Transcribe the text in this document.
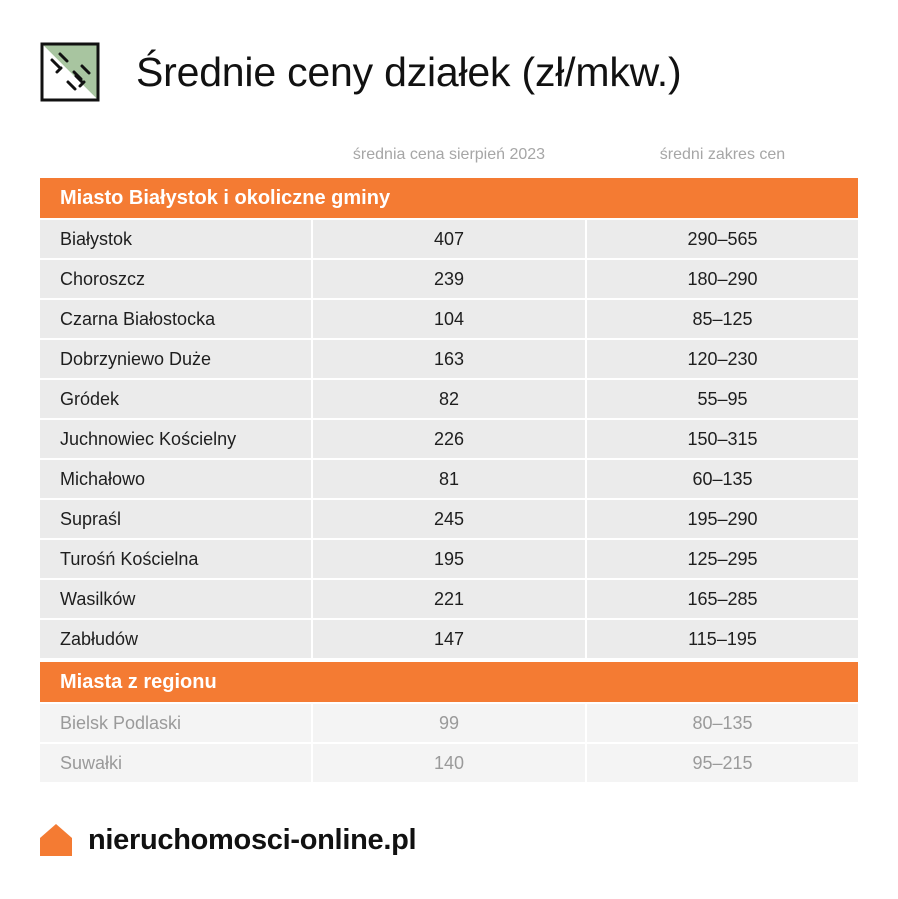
Średnie ceny działek (zł/mkw.)
średnia cena sierpień 2023	średni zakres cen
Miasto Białystok i okoliczne gminy
Białystok	407	290–565
Choroszcz	239	180–290
Czarna Białostocka	104	85–125
Dobrzyniewo Duże	163	120–230
Gródek	82	55–95
Juchnowiec Kościelny	226	150–315
Michałowo	81	60–135
Supraśl	245	195–290
Turośń Kościelna	195	125–295
Wasilków	221	165–285
Zabłudów	147	115–195
Miasta z regionu
Bielsk Podlaski	99	80–135
Suwałki	140	95–215
nieruchomosci-online.pl
